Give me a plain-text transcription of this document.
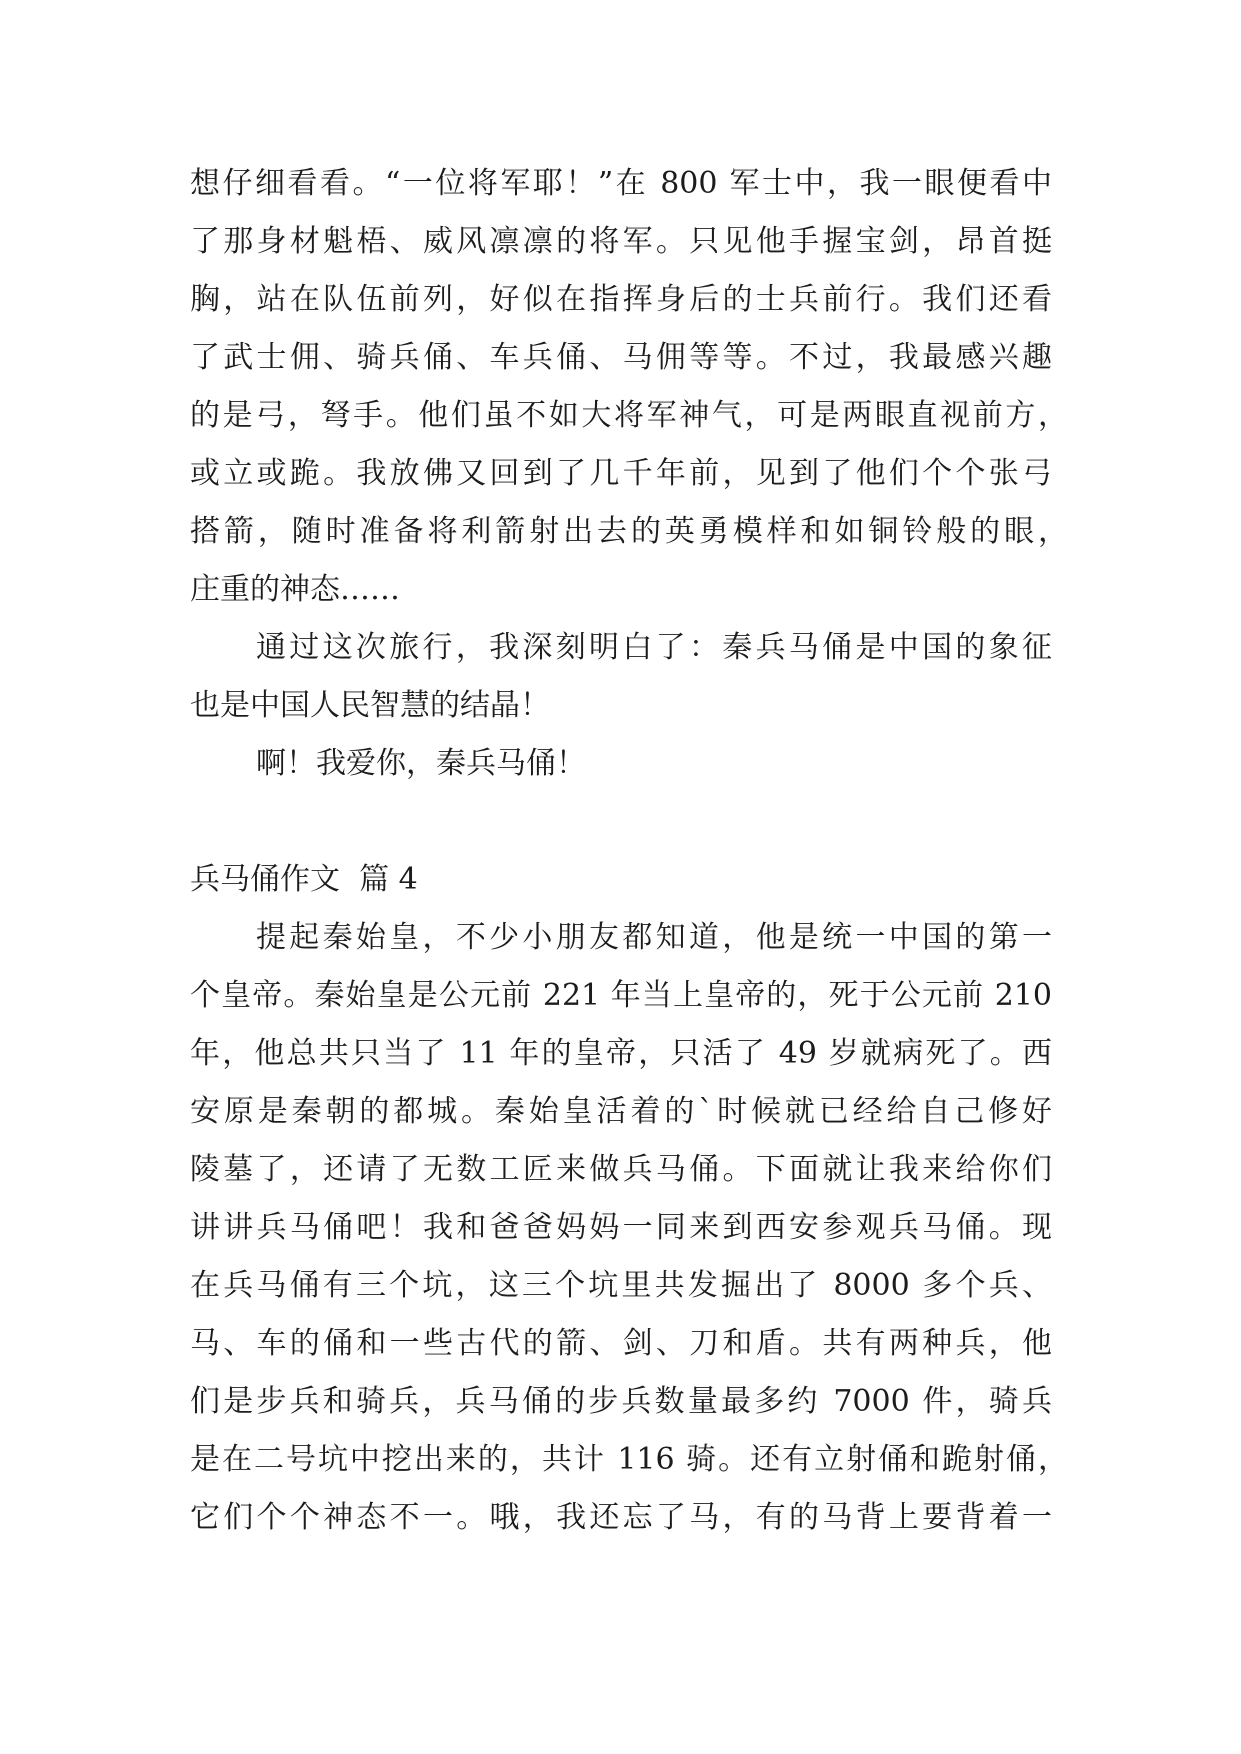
想仔细看看。“一位将军耶！”在 800 军士中，我一眼便看中
了那身材魁梧、威风凛凛的将军。只见他手握宝剑，昂首挺
胸，站在队伍前列，好似在指挥身后的士兵前行。我们还看
了武士佣、骑兵俑、车兵俑、马佣等等。不过，我最感兴趣
的是弓，弩手。他们虽不如大将军神气，可是两眼直视前方，
或立或跪。我放佛又回到了几千年前，见到了他们个个张弓
搭箭，随时准备将利箭射出去的英勇模样和如铜铃般的眼，
庄重的神态……
通过这次旅行，我深刻明白了：秦兵马俑是中国的象征
也是中国人民智慧的结晶！
啊！我爱你，秦兵马俑！
兵马俑作文  篇 4
提起秦始皇，不少小朋友都知道，他是统一中国的第一
个皇帝。秦始皇是公元前 221 年当上皇帝的，死于公元前 210
年，他总共只当了 11 年的皇帝，只活了 49 岁就病死了。西
安原是秦朝的都城。秦始皇活着的`时候就已经给自己修好
陵墓了，还请了无数工匠来做兵马俑。下面就让我来给你们
讲讲兵马俑吧！我和爸爸妈妈一同来到西安参观兵马俑。现
在兵马俑有三个坑，这三个坑里共发掘出了 8000 多个兵、
马、车的俑和一些古代的箭、剑、刀和盾。共有两种兵，他
们是步兵和骑兵，兵马俑的步兵数量最多约 7000 件，骑兵
是在二号坑中挖出来的，共计 116 骑。还有立射俑和跪射俑，
它们个个神态不一。哦，我还忘了马，有的马背上要背着一
